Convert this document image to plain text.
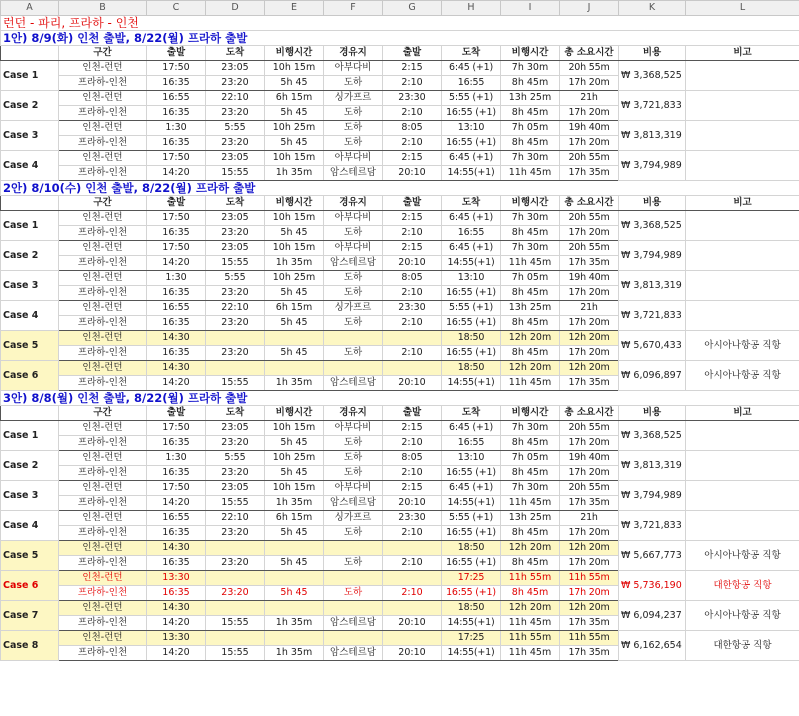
A	B	C	D	E	F	G	H	I	J	K	L
런던 - 파리, 프라하 - 인천											
1안) 8/9(화) 인천 출발, 8/22(월) 프라하 출발											
	구간	출발	도착	비행시간	경유지	출발	도착	비행시간	총 소요시간	비용	비고
Case 1	인천-런던	17:50	23:05	10h 15m	아부다비	2:15	6:45 (+1)	7h 30m	20h 55m	₩ 3,368,525	
	프라하-인천	16:35	23:20	5h 45	도하	2:10	16:55	8h 45m	17h 20m		
Case 2	인천-런던	16:55	22:10	6h 15m	싱가프르	23:30	5:55 (+1)	13h 25m	21h	₩ 3,721,833	
	프라하-인천	16:35	23:20	5h 45	도하	2:10	16:55 (+1)	8h 45m	17h 20m		
Case 3	인천-런던	1:30	5:55	10h 25m	도하	8:05	13:10	7h 05m	19h 40m	₩ 3,813,319	
	프라하-인천	16:35	23:20	5h 45	도하	2:10	16:55 (+1)	8h 45m	17h 20m		
Case 4	인천-런던	17:50	23:05	10h 15m	아부다비	2:15	6:45 (+1)	7h 30m	20h 55m	₩ 3,794,989	
	프라하-인천	14:20	15:55	1h 35m	암스테르담	20:10	14:55(+1)	11h 45m	17h 35m		
2안) 8/10(수) 인천 출발, 8/22(월) 프라하 출발											
	구간	출발	도착	비행시간	경유지	출발	도착	비행시간	총 소요시간	비용	비고
Case 1	인천-런던	17:50	23:05	10h 15m	아부다비	2:15	6:45 (+1)	7h 30m	20h 55m	₩ 3,368,525	
	프라하-인천	16:35	23:20	5h 45	도하	2:10	16:55	8h 45m	17h 20m		
Case 2	인천-런던	17:50	23:05	10h 15m	아부다비	2:15	6:45 (+1)	7h 30m	20h 55m	₩ 3,794,989	
	프라하-인천	14:20	15:55	1h 35m	암스테르담	20:10	14:55(+1)	11h 45m	17h 35m		
Case 3	인천-런던	1:30	5:55	10h 25m	도하	8:05	13:10	7h 05m	19h 40m	₩ 3,813,319	
	프라하-인천	16:35	23:20	5h 45	도하	2:10	16:55 (+1)	8h 45m	17h 20m		
Case 4	인천-런던	16:55	22:10	6h 15m	싱가프르	23:30	5:55 (+1)	13h 25m	21h	₩ 3,721,833	
	프라하-인천	16:35	23:20	5h 45	도하	2:10	16:55 (+1)	8h 45m	17h 20m		
Case 5	인천-런던	14:30					18:50	12h 20m	12h 20m	₩ 5,670,433	아시아나항공 직항
	프라하-인천	16:35	23:20	5h 45	도하	2:10	16:55 (+1)	8h 45m	17h 20m		
Case 6	인천-런던	14:30					18:50	12h 20m	12h 20m	₩ 6,096,897	아시아나항공 직항
	프라하-인천	14:20	15:55	1h 35m	암스테르담	20:10	14:55(+1)	11h 45m	17h 35m		
3안) 8/8(월) 인천 출발, 8/22(월) 프라하 출발											
	구간	출발	도착	비행시간	경유지	출발	도착	비행시간	총 소요시간	비용	비고
Case 1	인천-런던	17:50	23:05	10h 15m	아부다비	2:15	6:45 (+1)	7h 30m	20h 55m	₩ 3,368,525	
	프라하-인천	16:35	23:20	5h 45	도하	2:10	16:55	8h 45m	17h 20m		
Case 2	인천-런던	1:30	5:55	10h 25m	도하	8:05	13:10	7h 05m	19h 40m	₩ 3,813,319	
	프라하-인천	16:35	23:20	5h 45	도하	2:10	16:55 (+1)	8h 45m	17h 20m		
Case 3	인천-런던	17:50	23:05	10h 15m	아부다비	2:15	6:45 (+1)	7h 30m	20h 55m	₩ 3,794,989	
	프라하-인천	14:20	15:55	1h 35m	암스테르담	20:10	14:55(+1)	11h 45m	17h 35m		
Case 4	인천-런던	16:55	22:10	6h 15m	싱가프르	23:30	5:55 (+1)	13h 25m	21h	₩ 3,721,833	
	프라하-인천	16:35	23:20	5h 45	도하	2:10	16:55 (+1)	8h 45m	17h 20m		
Case 5	인천-런던	14:30					18:50	12h 20m	12h 20m	₩ 5,667,773	아시아나항공 직항
	프라하-인천	16:35	23:20	5h 45	도하	2:10	16:55 (+1)	8h 45m	17h 20m		
Case 6	인천-런던	13:30					17:25	11h 55m	11h 55m	₩ 5,736,190	대한항공 직항
	프라하-인천	16:35	23:20	5h 45	도하	2:10	16:55 (+1)	8h 45m	17h 20m		
Case 7	인천-런던	14:30					18:50	12h 20m	12h 20m	₩ 6,094,237	아시아나항공 직항
	프라하-인천	14:20	15:55	1h 35m	암스테르담	20:10	14:55(+1)	11h 45m	17h 35m		
Case 8	인천-런던	13:30					17:25	11h 55m	11h 55m	₩ 6,162,654	대한항공 직항
	프라하-인천	14:20	15:55	1h 35m	암스테르담	20:10	14:55(+1)	11h 45m	17h 35m		
